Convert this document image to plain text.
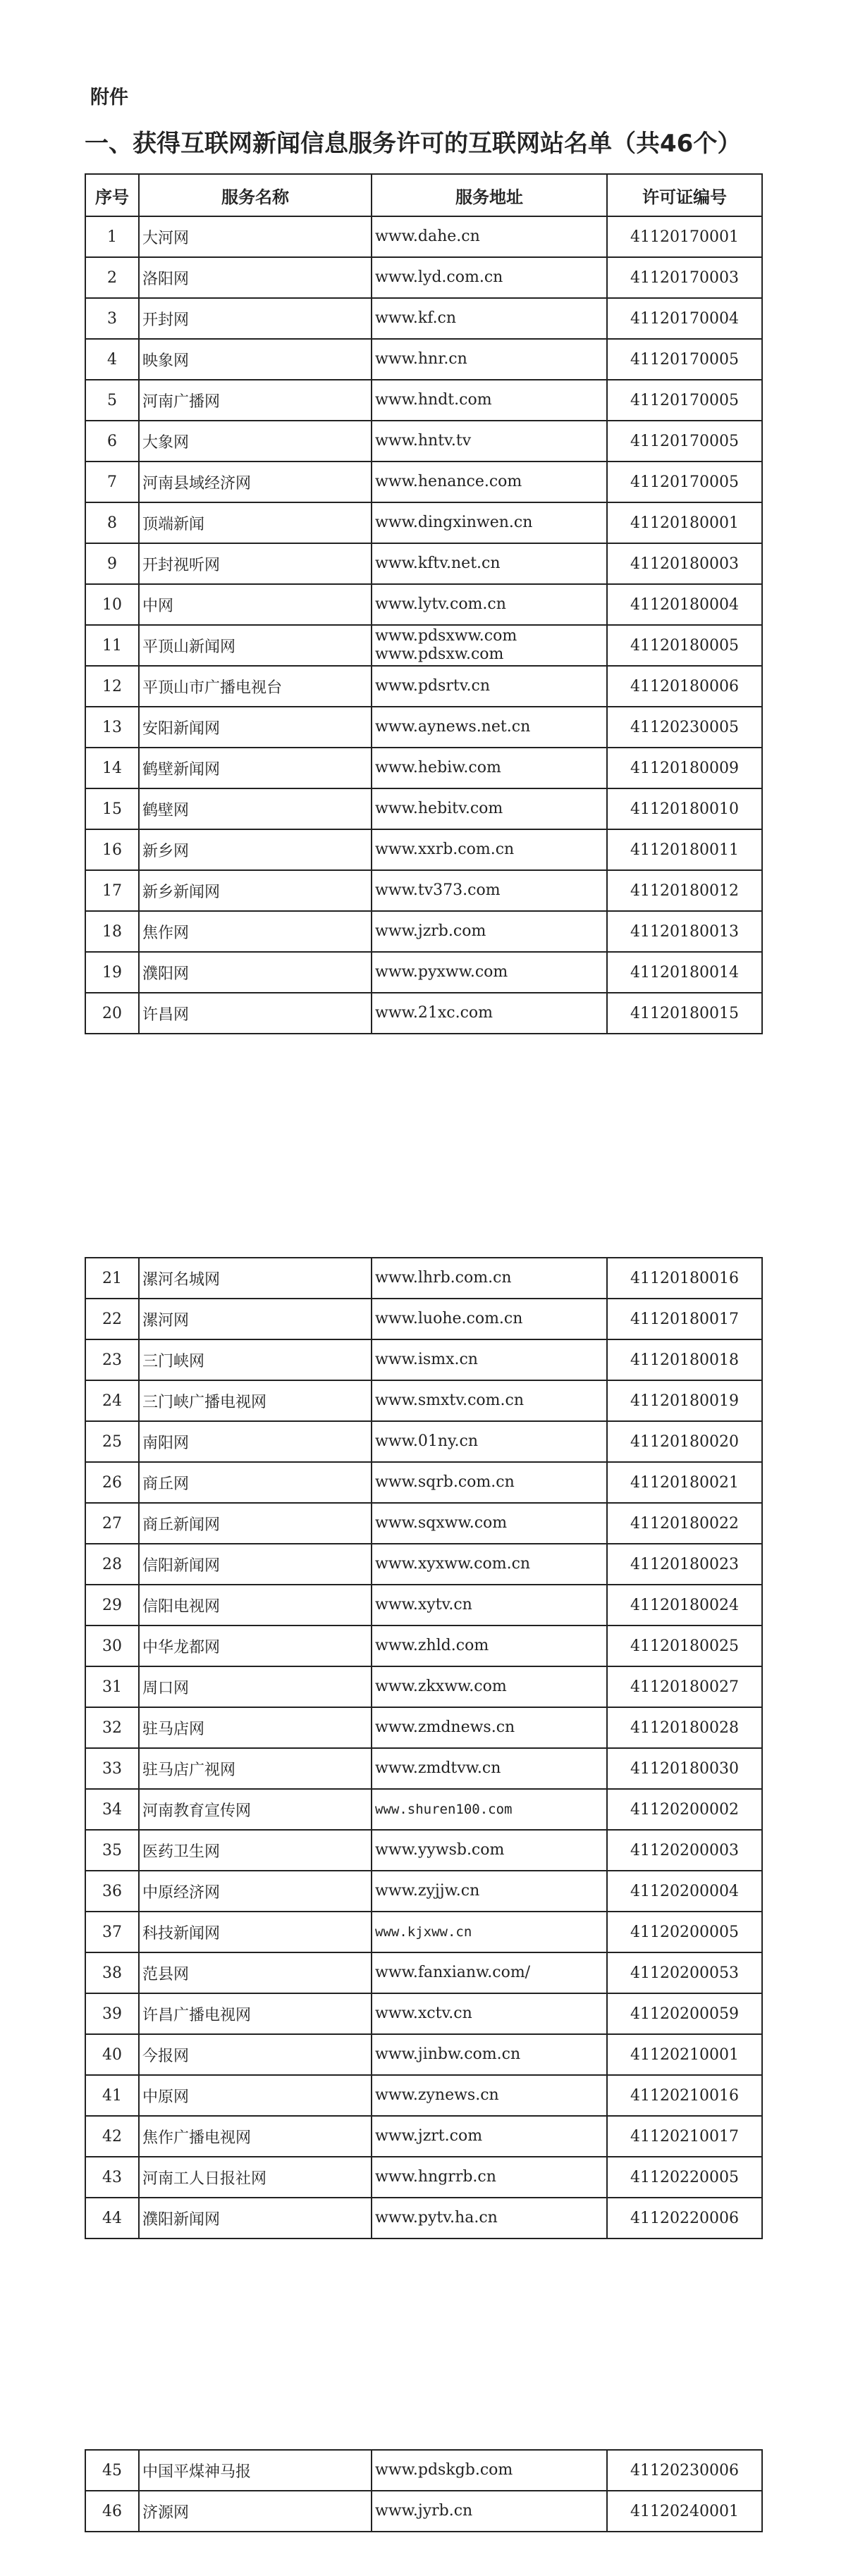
附件
一、获得互联网新闻信息服务许可的互联网站名单（共46个）
序号	服务名称	服务地址	许可证编号
1	大河网	www.dahe.cn	41120170001
2	洛阳网	www.lyd.com.cn	41120170003
3	开封网	www.kf.cn	41120170004
4	映象网	www.hnr.cn	41120170005
5	河南广播网	www.hndt.com	41120170005
6	大象网	www.hntv.tv	41120170005
7	河南县域经济网	www.henance.com	41120170005
8	顶端新闻	www.dingxinwen.cn	41120180001
9	开封视听网	www.kftv.net.cn	41120180003
10	中网	www.lytv.com.cn	41120180004
11	平顶山新闻网	www.pdsxww.com
www.pdsxw.com	41120180005
12	平顶山市广播电视台	www.pdsrtv.cn	41120180006
13	安阳新闻网	www.aynews.net.cn	41120230005
14	鹤壁新闻网	www.hebiw.com	41120180009
15	鹤壁网	www.hebitv.com	41120180010
16	新乡网	www.xxrb.com.cn	41120180011
17	新乡新闻网	www.tv373.com	41120180012
18	焦作网	www.jzrb.com	41120180013
19	濮阳网	www.pyxww.com	41120180014
20	许昌网	www.21xc.com	41120180015
21	漯河名城网	www.lhrb.com.cn	41120180016
22	漯河网	www.luohe.com.cn	41120180017
23	三门峡网	www.ismx.cn	41120180018
24	三门峡广播电视网	www.smxtv.com.cn	41120180019
25	南阳网	www.01ny.cn	41120180020
26	商丘网	www.sqrb.com.cn	41120180021
27	商丘新闻网	www.sqxww.com	41120180022
28	信阳新闻网	www.xyxww.com.cn	41120180023
29	信阳电视网	www.xytv.cn	41120180024
30	中华龙都网	www.zhld.com	41120180025
31	周口网	www.zkxww.com	41120180027
32	驻马店网	www.zmdnews.cn	41120180028
33	驻马店广视网	www.zmdtvw.cn	41120180030
34	河南教育宣传网	www.shuren100.com	41120200002
35	医药卫生网	www.yywsb.com	41120200003
36	中原经济网	www.zyjjw.cn	41120200004
37	科技新闻网	www.kjxww.cn	41120200005
38	范县网	www.fanxianw.com/	41120200053
39	许昌广播电视网	www.xctv.cn	41120200059
40	今报网	www.jinbw.com.cn	41120210001
41	中原网	www.zynews.cn	41120210016
42	焦作广播电视网	www.jzrt.com	41120210017
43	河南工人日报社网	www.hngrrb.cn	41120220005
44	濮阳新闻网	www.pytv.ha.cn	41120220006
45	中国平煤神马报	www.pdskgb.com	41120230006
46	济源网	www.jyrb.cn	41120240001
